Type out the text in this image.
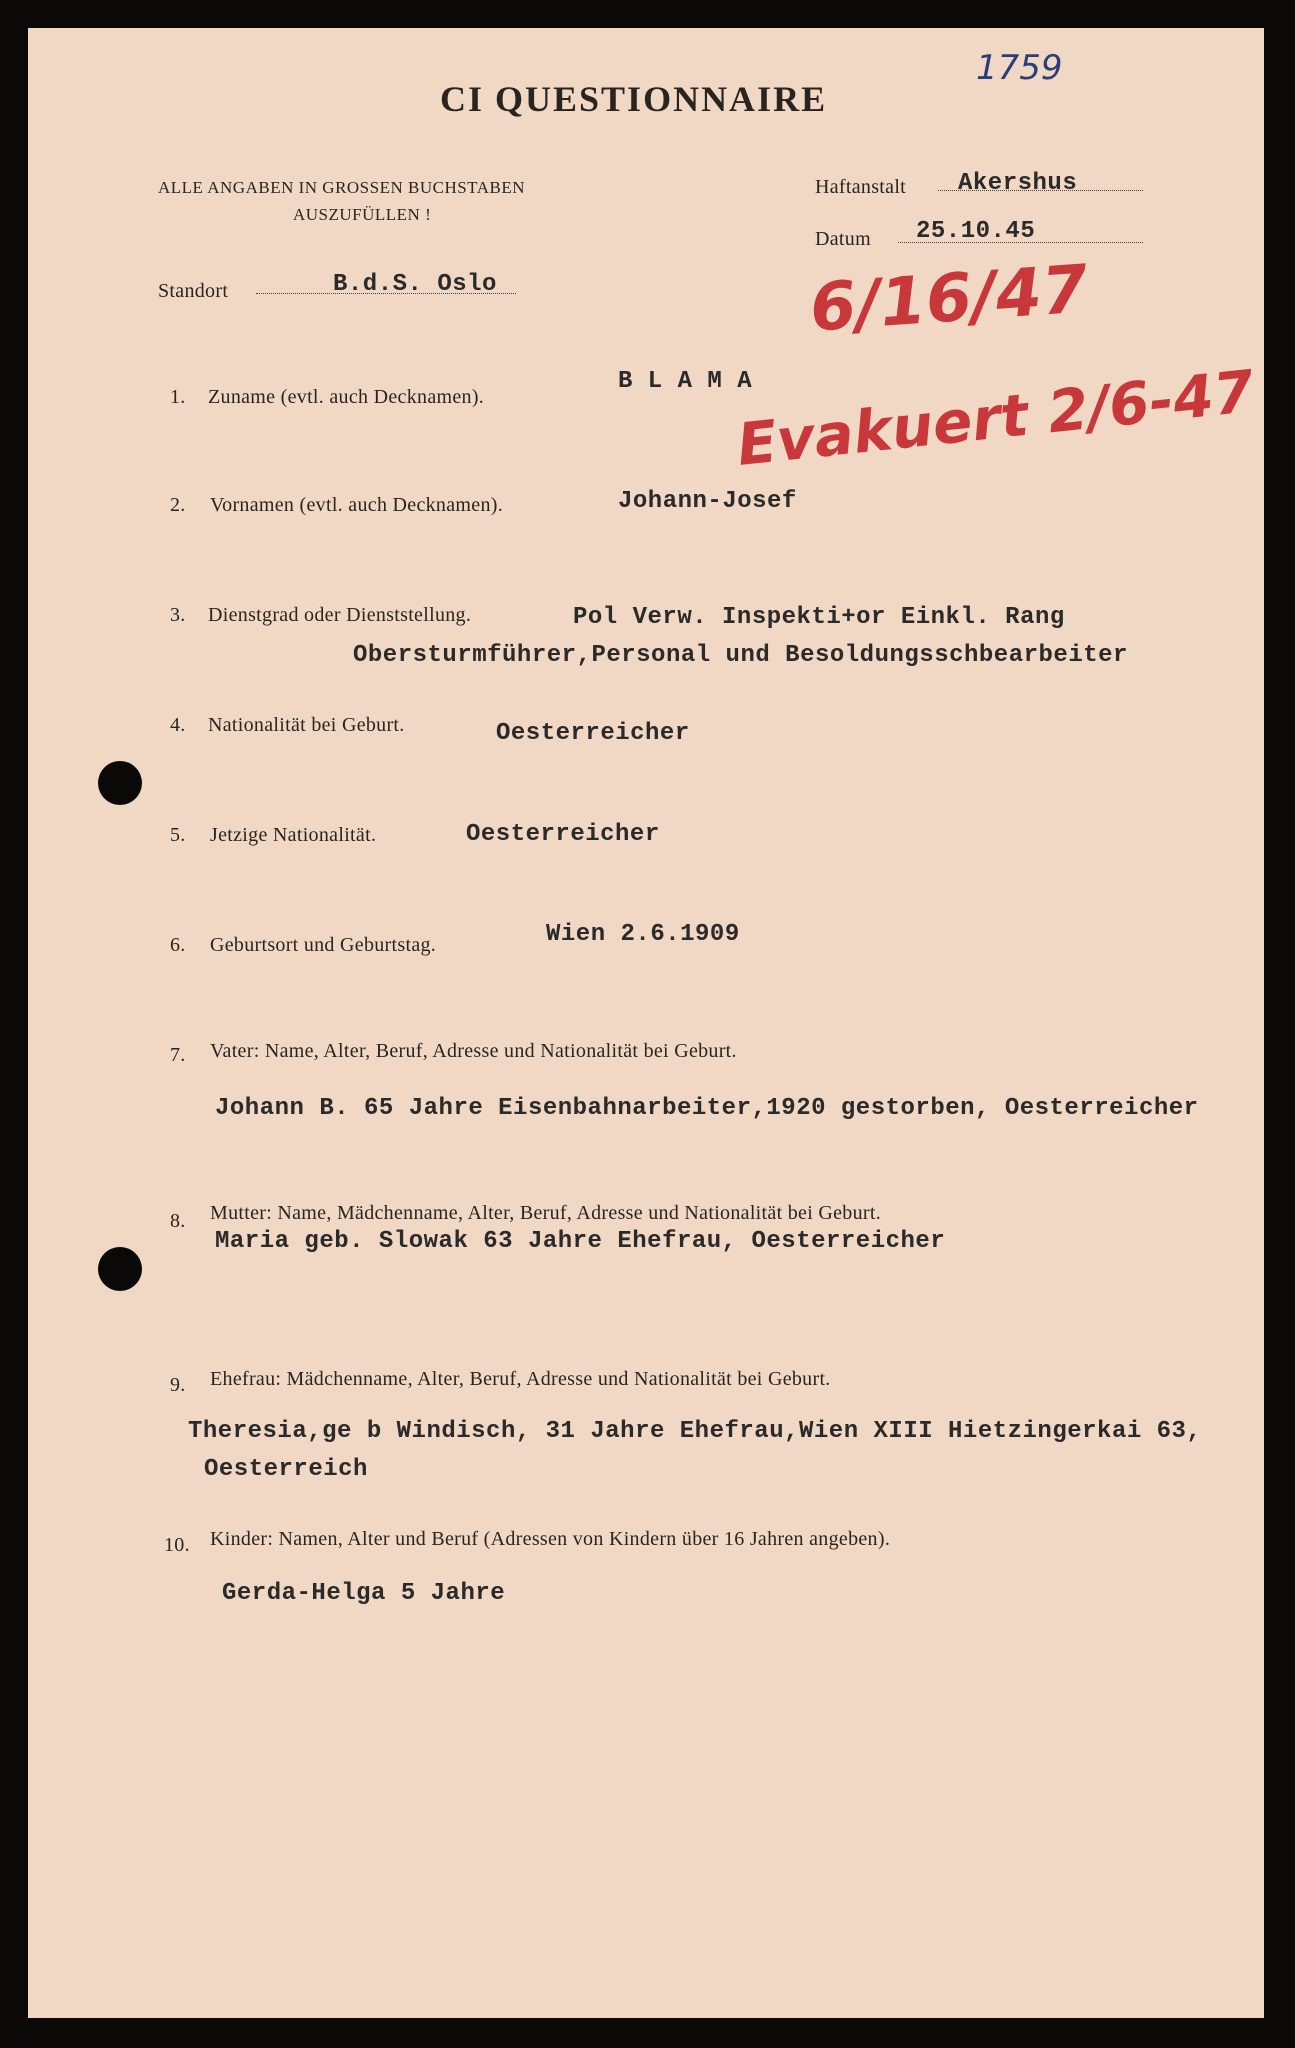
CI QUESTIONNAIRE
1759
ALLE ANGABEN IN GROSSEN BUCHSTABEN
AUSZUFÜLLEN !
Haftanstalt Akershus
Datum 25.10.45
6/16/47
Standort	B.d.S. Oslo
Evakuert 2/6-47
1. Zuname (evtl. auch Decknamen).
B L A M A
2. Vornamen (evtl. auch Decknamen).	Johann-Josef
3. Dienstgrad oder Dienststellung.	Pol Verw. Inspekti+or Einkl. Rang
Obersturmführer,Personal und Besoldungsschbearbeiter
4. Nationalität bei Geburt.	Oesterreicher
5. Jetzige Nationalität.	Oesterreicher
6. Geburtsort und Geburtstag.	Wien 2.6.1909
7. Vater: Name, Alter, Beruf, Adresse und Nationalität bei Geburt.
Johann B. 65 Jahre Eisenbahnarbeiter,1920 gestorben, Oesterreicher
8. Mutter: Name, Mädchenname, Alter, Beruf, Adresse und Nationalität bei Geburt.
Maria geb. Slowak 63 Jahre Ehefrau, Oesterreicher
9. Ehefrau: Mädchenname, Alter, Beruf, Adresse und Nationalität bei Geburt.
Theresia,ge b Windisch, 31 Jahre Ehefrau,Wien XIII Hietzingerkai 63,
Oesterreich
10. Kinder: Namen, Alter und Beruf (Adressen von Kindern über 16 Jahren angeben).
Gerda-Helga 5 Jahre
